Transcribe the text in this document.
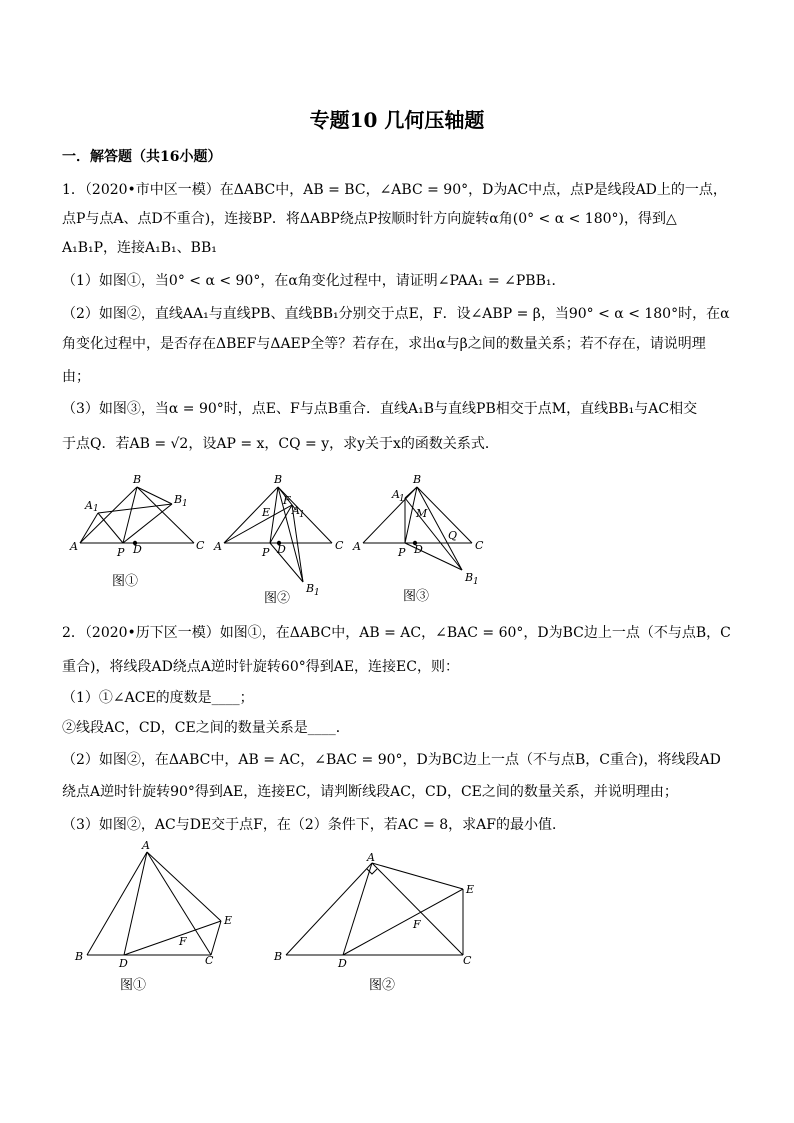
专题10 几何压轴题
一．解答题（共16小题）
1．（2020•市中区一模）在ΔABC中，AB = BC，∠ABC = 90°，D为AC中点，点P是线段AD上的一点，
点P与点A、点D不重合)，连接BP．将ΔABP绕点P按顺时针方向旋转α角(0° < α < 180°)，得到△
A₁B₁P，连接A₁B₁、BB₁
（1）如图①，当0° < α < 90°，在α角变化过程中，请证明∠PAA₁ = ∠PBB₁．
（2）如图②，直线AA₁与直线PB、直线BB₁分别交于点E，F．设∠ABP = β，当90° < α < 180°时，在α
角变化过程中，是否存在ΔBEF与ΔAEP全等？若存在，求出α与β之间的数量关系；若不存在，请说明理
由；
（3）如图③，当α = 90°时，点E、F与点B重合．直线A₁B与直线PB相交于点M，直线BB₁与AC相交
于点Q．若AB = √2，设AP = x，CQ = y，求y关于x的函数关系式．
B
A 1
B 1
A	P D	C
图①
B
F
E A 1
A	P D	C
B 1
图②
B
A 1
M
Q
A	P D	C
B 1
图③
2．（2020•历下区一模）如图①，在ΔABC中，AB = AC，∠BAC = 60°，D为BC边上一点（不与点B，C
重合)，将线段AD绕点A逆时针旋转60°得到AE，连接EC，则：
（1）①∠ACE的度数是____；
②线段AC，CD，CE之间的数量关系是____．
（2）如图②，在ΔABC中，AB = AC，∠BAC = 90°，D为BC边上一点（不与点B，C重合)，将线段AD
绕点A逆时针旋转90°得到AE，连接EC，请判断线段AC，CD，CE之间的数量关系，并说明理由；
（3）如图②，AC与DE交于点F，在（2）条件下，若AC = 8，求AF的最小值．
A
E
F
B
D	C
图①
A
E
F
B
D	C
图②
